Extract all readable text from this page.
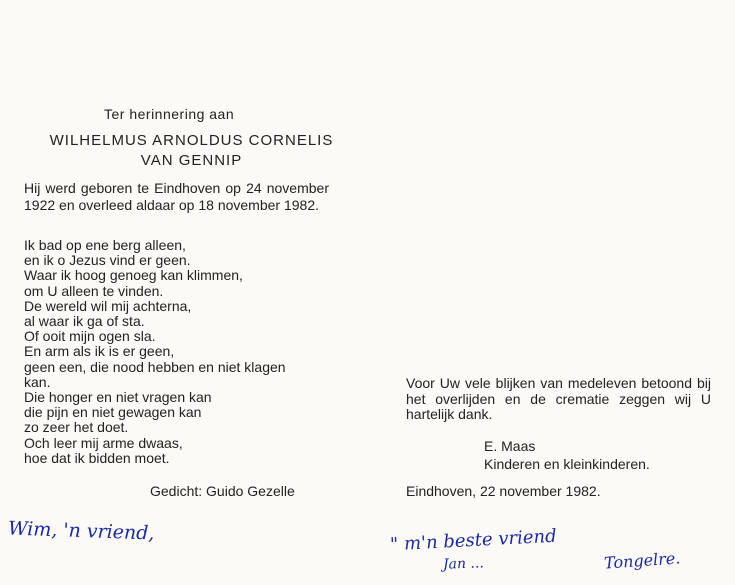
Ter herinnering aan
WILHELMUS ARNOLDUS CORNELIS
VAN GENNIP
Hij werd geboren te Eindhoven op 24 november 1922 en overleed aldaar op 18 november 1982.
Ik bad op ene berg alleen,
en ik o Jezus vind er geen.
Waar ik hoog genoeg kan klimmen,
om U alleen te vinden.
De wereld wil mij achterna,
al waar ik ga of sta.
Of ooit mijn ogen sla.
En arm als ik is er geen,
geen een, die nood hebben en niet klagen
kan.
Die honger en niet vragen kan
die pijn en niet gewagen kan
zo zeer het doet.
Och leer mij arme dwaas,
hoe dat ik bidden moet.
Gedicht: Guido Gezelle
Voor Uw vele blijken van medeleven betoond bij het overlijden en de crematie zeggen wij U hartelijk dank.
E. Maas
Kinderen en kleinkinderen.
Eindhoven, 22 november 1982.
Wim, 'n vriend,	" m'n beste vriend
Jan ...	Tongelre.
